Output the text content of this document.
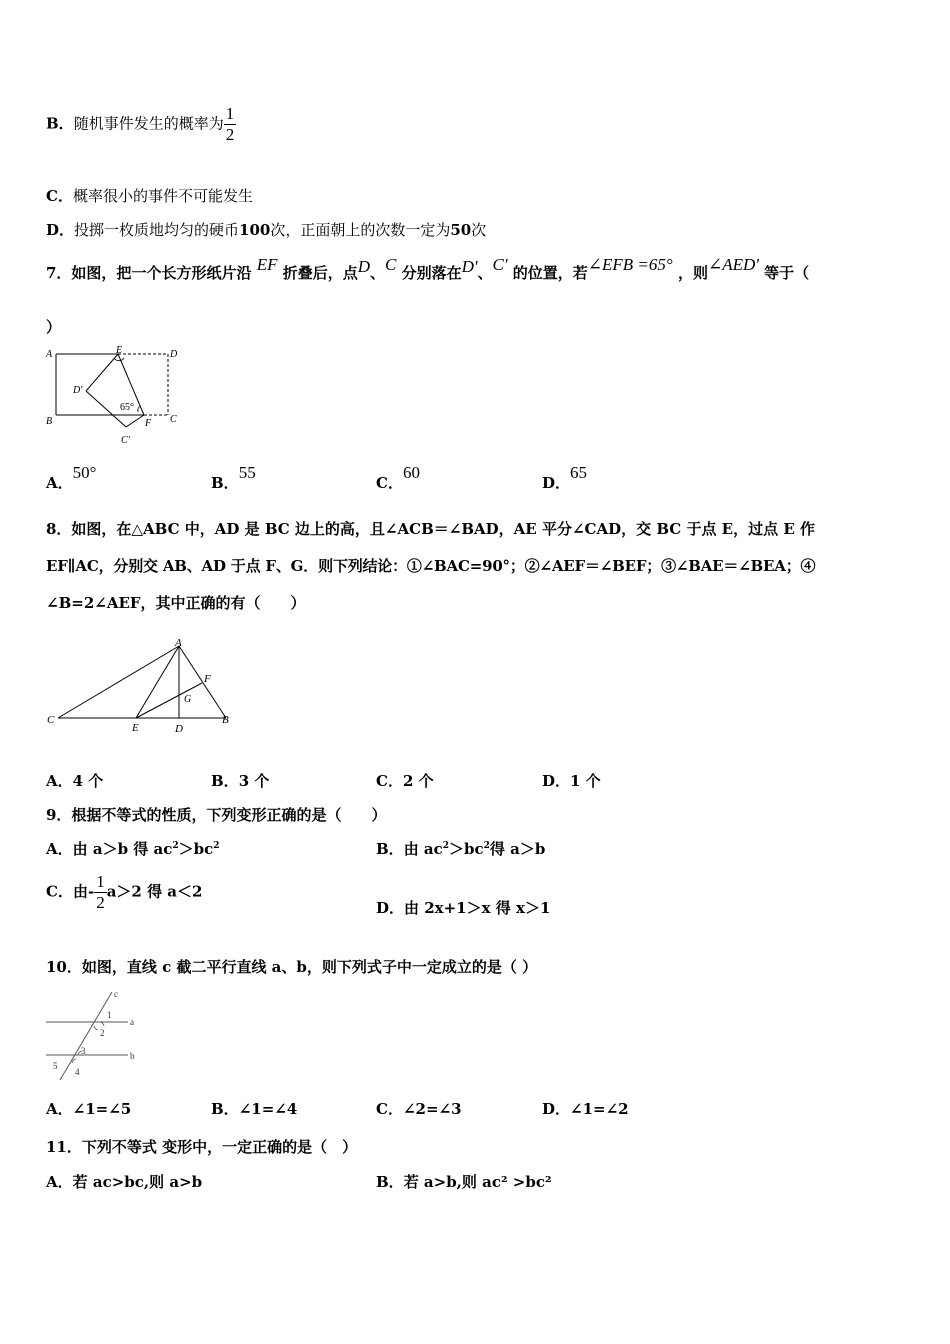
B．随机事件发生的概率为 $\frac{1}{2}$
C．概率很小的事件不可能发生
D．投掷一枚质地均匀的硬币100次，正面朝上的次数一定为50次
7．如图，把一个长方形纸片沿 EF 折叠后，点D、C 分别落在D'、C' 的位置，若∠EFB =65° ，则∠AED' 等于（
）
A	E	D
D'
B	F C
C'
65°
A．50°
B．55
C．60
D．65
8．如图，在△ABC 中，AD 是 BC 边上的高，且∠ACB＝∠BAD，AE 平分∠CAD，交 BC 于点 E，过点 E 作
EF∥AC，分别交 AB、AD 于点 F、G．则下列结论：①∠BAC=90°；②∠AEF＝∠BEF；③∠BAE＝∠BEA；④
∠B=2∠AEF，其中正确的有（　　）
A
F
G
C
E	D
B
A．4 个	B．3 个	C．2 个	D．1 个
9．根据不等式的性质，下列变形正确的是（　　）
A．由 a＞b 得 $ac^2>bc^2$	B．由 $ac^2>bc^2$得 a＞b
C．由- $\frac{1}{2} a>2$ 得 a＜2
D．由 2x+1＞x 得 x＞1
10．如图，直线 c 截二平行直线 a、b，则下列式子中一定成立的是（ ）
c
a
b
1
2
3
4
5
A．∠1=∠5	B．∠1=∠4	C．∠2=∠3	D．∠1=∠2
11．下列不等式 变形中，一定正确的是（　）
A．若 ac>bc,则 a>b	B．若 a>b,则 ac² >bc²
